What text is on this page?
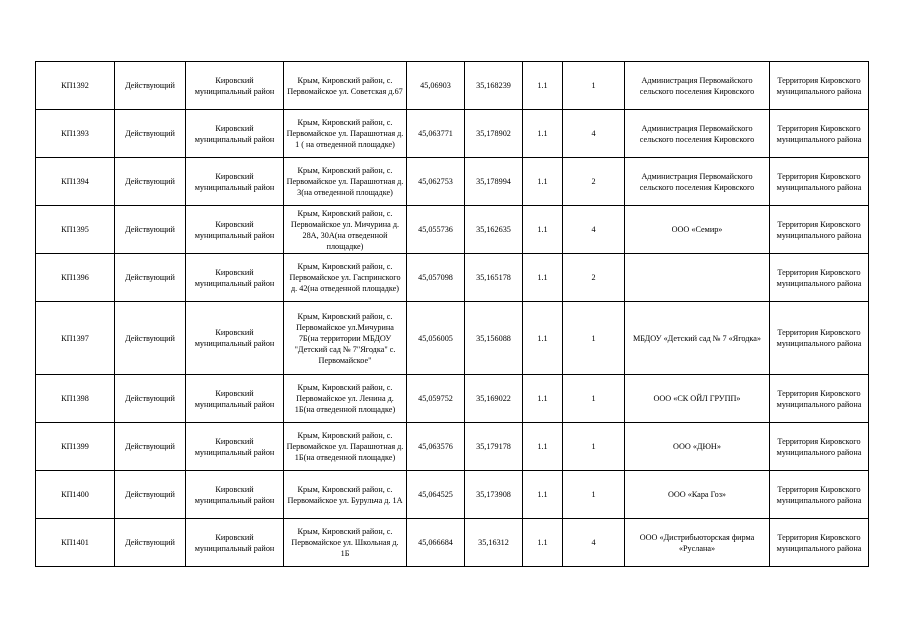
КП1392	Действующий	Кировский муниципальный район	Крым, Кировский район, с. Первомайское ул. Советская д.67	45,06903	35,168239	1.1	1	Администрация Первомайского сельского поселения Кировского	Территория Кировского муниципального района
КП1393	Действующий	Кировский муниципальный район	Крым, Кировский район, с. Первомайское ул. Парашютная д. 1 ( на отведенной площадке)	45,063771	35,178902	1.1	4	Администрация Первомайского сельского поселения Кировского	Территория Кировского муниципального района
КП1394	Действующий	Кировский муниципальный район	Крым, Кировский район, с. Первомайское ул. Парашютная д. 3(на отведенной площадке)	45,062753	35,178994	1.1	2	Администрация Первомайского сельского поселения Кировского	Территория Кировского муниципального района
КП1395	Действующий	Кировский муниципальный район	Крым, Кировский район, с. Первомайское ул. Мичурина д. 28А, 30А(на отведенной площадке)	45,055736	35,162635	1.1	4	ООО «Семир»	Территория Кировского муниципального района
КП1396	Действующий	Кировский муниципальный район	Крым, Кировский район, с. Первомайское ул. Гаспринского д. 42(на отведенной площадке)	45,057098	35,165178	1.1	2		Территория Кировского муниципального района
КП1397	Действующий	Кировский муниципальный район	Крым, Кировский район, с. Первомайское ул.Мичурина 7Б(на территории МБДОУ "Детский сад № 7"Ягодка" с. Первомайское"	45,056005	35,156088	1.1	1	МБДОУ «Детский сад № 7 «Ягодка»	Территория Кировского муниципального района
КП1398	Действующий	Кировский муниципальный район	Крым, Кировский район, с. Первомайское ул. Ленина д. 1Б(на отведенной площадке)	45,059752	35,169022	1.1	1	ООО «СК ОЙЛ ГРУПП»	Территория Кировского муниципального района
КП1399	Действующий	Кировский муниципальный район	Крым, Кировский район, с. Первомайское ул. Парашютная д. 1Б(на отведенной площадке)	45,063576	35,179178	1.1	1	ООО «ДЮН»	Территория Кировского муниципального района
КП1400	Действующий	Кировский муниципальный район	Крым, Кировский район, с. Первомайское ул. Бурульча д. 1А	45,064525	35,173908	1.1	1	ООО «Кара Гоз»	Территория Кировского муниципального района
КП1401	Действующий	Кировский муниципальный район	Крым, Кировский район, с. Первомайское ул. Школьная д. 1Б	45,066684	35,16312	1.1	4	ООО «Дистрибьюторская фирма «Руслана»	Территория Кировского муниципального района
